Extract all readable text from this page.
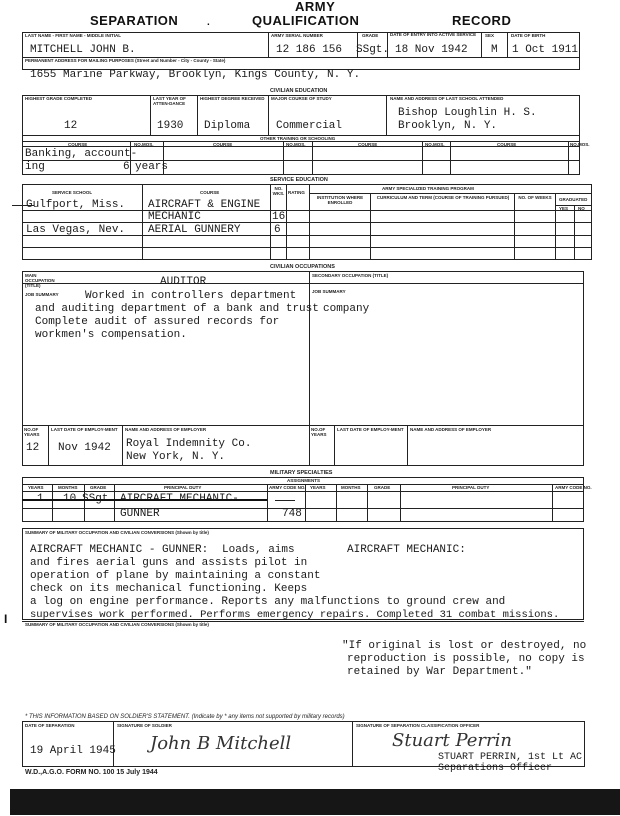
ARMY
SEPARATION	QUALIFICATION	RECORD
.
LAST NAME - FIRST NAME - MIDDLE INITIAL	ARMY SERIAL NUMBER	GRADE	DATE OF ENTRY INTO ACTIVE SERVICE	SEX	DATE OF BIRTH
MITCHELL JOHN B.	12 186 156 SSgt. 18 Nov 1942 M 1 Oct 1911
PERMANENT ADDRESS FOR MAILING PURPOSES (Street and Number - City - County - State)
1655 Marine Parkway, Brooklyn, Kings County, N. Y.
CIVILIAN EDUCATION
HIGHEST GRADE COMPLETED	LAST YEAR OF ATTEN-DANCE
HIGHEST DEGREE RECEIVED	MAJOR COURSE OF STUDY	NAME AND ADDRESS OF LAST SCHOOL ATTENDED
12	1930 Diploma Commercial
Bishop Loughlin H. S.
Brooklyn, N. Y.
OTHER TRAINING OR SCHOOLING
COURSE	NO.MOS.	COURSE	NO.MOS.	COURSE	NO.MOS.	COURSE	NO.MOS.
Banking, account-
ing	6 years
SERVICE EDUCATION
SERVICE SCHOOL	COURSE
NO. WKS. RATING
ARMY SPECIALIZED TRAINING PROGRAM
INSTITUTION WHERE ENROLLED
CURRICULUM AND TERM (COURSE OF TRAINING PURSUED)	NO. OF WEEKS	GRADUATED
YES NO
Gulfport, Miss. AIRCRAFT & ENGINE
MECHANIC	16
Las Vegas, Nev. AERIAL GUNNERY	6
CIVILIAN OCCUPATIONS
MAIN OCCUPATION (TITLE)
SECONDARY OCCUPATION (TITLE)
AUDITOR
JOB SUMMARY
JOB SUMMARY
Worked in controllers department
and auditing department of a bank and trust company
Complete audit of assured records for
workmen's compensation.
NO.OF YEARS
LAST DATE OF EMPLOY-MENT	NAME AND ADDRESS OF EMPLOYER	NO.OF YEARS
LAST DATE OF EMPLOY-MENT	NAME AND ADDRESS OF EMPLOYER
12 Nov 1942 Royal Indemnity Co.
New York, N. Y.
MILITARY SPECIALTIES
ASSIGNMENTS
YEARS	MONTHS	GRADE	PRINCIPAL DUTY	ARMY CODE NO. YEARS	MONTHS	GRADE	PRINCIPAL DUTY	ARMY CODE NO.
1 10 SSgt. AIRCRAFT MECHANIC-
GUNNER	748
SUMMARY OF MILITARY OCCUPATION AND CIVILIAN CONVERSIONS (Shown by title)
AIRCRAFT MECHANIC - GUNNER: Loads, aims	AIRCRAFT MECHANIC:
and fires aerial guns and assists pilot in
operation of plane by maintaining a constant
check on its mechanical functioning. Keeps
a log on engine performance. Reports any malfunctions to ground crew and
supervises work performed. Performs emergency repairs. Completed 31 combat missions.
I	SUMMARY OF MILITARY OCCUPATION AND CIVILIAN CONVERSIONS (Shown by title)
"If original is lost or destroyed, no
reproduction is possible, no copy is
retained by War Department."
* THIS INFORMATION BASED ON SOLDIER'S STATEMENT. (Indicate by * any items not supported by military records)
DATE OF SEPARATION	SIGNATURE OF SOLDIER	SIGNATURE OF SEPARATION CLASSIFICATION OFFICER
19 April 1945 John B Mitchell	Stuart Perrin
STUART PERRIN, 1st Lt AC
Separations Officer
W.D.,A.G.O. FORM NO. 100 15 July 1944
